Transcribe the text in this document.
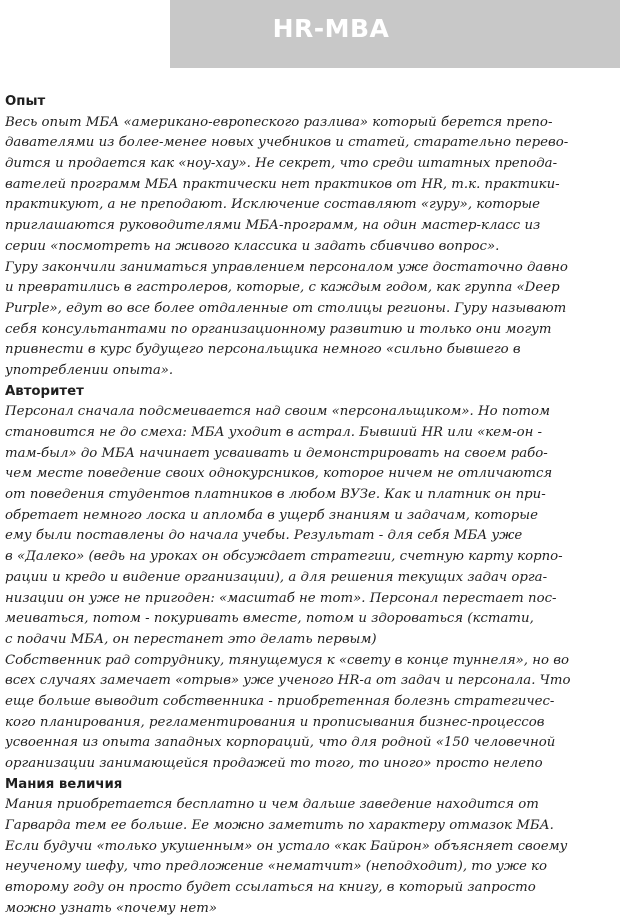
HR-MBA
Опыт
Весь опыт МБА «американо-европеского разлива» который берется препо-
давателями из более-менее новых учебников и статей, старательно перево-
дится и продается как «ноу-хау». Не секрет, что среди штатных препода-
вателей программ МБА практически нет практиков от HR, т.к. практики-
практикуют, а не преподают. Исключение составляют «гуру», которые
приглашаются руководителями МБА-программ, на один мастер-класс из
серии «посмотреть на живого классика и задать сбивчиво вопрос».
Гуру закончили заниматься управлением персоналом уже достаточно давно
и превратились в гастролеров, которые, с каждым годом, как группа «Deep
Purple», едут во все более отдаленные от столицы регионы. Гуру называют
себя консультантами по организационному развитию и только они могут
привнести в курс будущего персональщика немного «сильно бывшего в
употреблении опыта».
Авторитет
Персонал сначала подсмеивается над своим «персональщиком». Но потом
становится не до смеха: МБА уходит в астрал. Бывший HR или «кем-он -
там-был» до МБА начинает усваивать и демонстрировать на своем рабо-
чем месте поведение своих однокурсников, которое ничем не отличаются
от поведения студентов платников в любом ВУЗе. Как и платник он при-
обретает немного лоска и апломба в ущерб знаниям и задачам, которые
ему были поставлены до начала учебы. Результат - для себя МБА уже
в «Далеко» (ведь на уроках он обсуждает стратегии, счетную карту корпо-
рации и кредо и видение организации), а для решения текущих задач орга-
низации он уже не пригоден: «масштаб не тот». Персонал перестает пос-
меиваться, потом - покуривать вместе, потом и здороваться (кстати,
с подачи МБА, он перестанет это делать первым)
Собственник рад сотруднику, тянущемуся к «свету в конце туннеля», но во
всех случаях замечает «отрыв» уже ученого HR-а от задач и персонала. Что
еще больше выводит собственника - приобретенная болезнь стратегичес-
кого планирования, регламентирования и прописывания бизнес-процессов
усвоенная из опыта западных корпораций, что для родной «150 человечной
организации занимающейся продажей то того, то иного» просто нелепо
Мания величия
Мания приобретается бесплатно и чем дальше заведение находится от
Гарварда тем ее больше. Ее можно заметить по характеру отмазок МБА.
Если будучи «только укушенным» он устало «как Байрон» объясняет своему
неученому шефу, что предложение «нематчит» (неподходит), то уже ко
второму году он просто будет ссылаться на книгу, в который запросто
можно узнать «почему нет»
